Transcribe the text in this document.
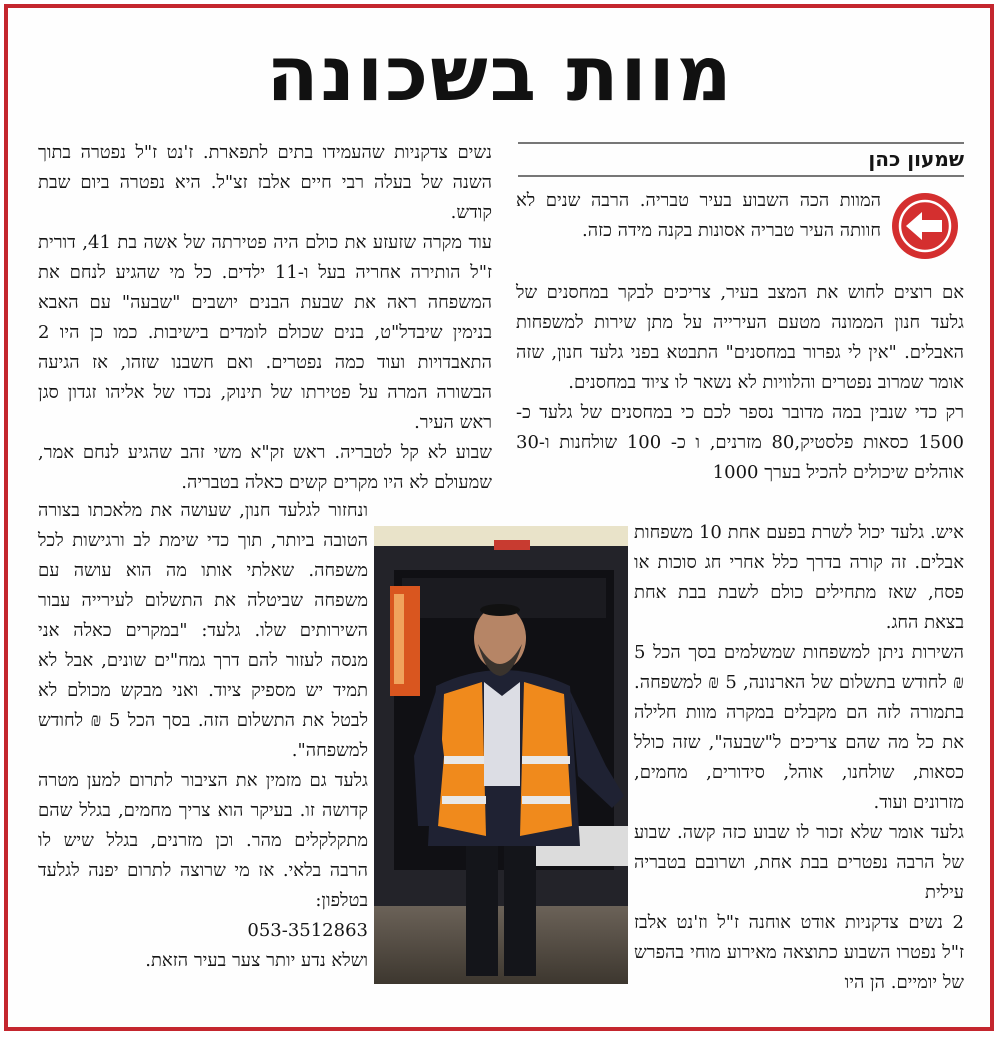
מוות בשכונה
שמעון כהן

המוות הכה השבוע בעיר טבריה. הרבה שנים לא חוותה העיר טבריה אסונות בקנה מידה כזה.

אם רוצים לחוש את המצב בעיר, צריכים לבקר במחסנים של גלעד חנון הממונה מטעם העירייה על מתן שירות למשפחות האבלים. "אין לי גפרור במחסנים" התבטא בפני גלעד חנון, שזה אומר שמרוב נפטרים והלוויות לא נשאר לו ציוד במחסנים.

רק כדי שנבין במה מדובר נספר לכם כי במחסנים של גלעד כ- 1500 כסאות פלסטיק,80 מזרנים, ו כ- 100 שולחנות ו-30 אוהלים שיכולים להכיל בערך 1000

איש. גלעד יכול לשרת בפעם אחת 10 משפחות אבלים. זה קורה בדרך כלל אחרי חג סוכות או פסח, שאז מתחילים כולם לשבת בבת אחת בצאת החג.

השירות ניתן למשפחות שמשלמים בסך הכל 5 ₪ לחודש בתשלום של הארנונה, 5 ₪ למשפחה. בתמורה לזה הם מקבלים במקרה מוות חלילה את כל מה שהם צריכים ל"שבעה", שזה כולל כסאות, שולחנו, אוהל, סידורים, מחמים, מזרונים ועוד.

גלעד אומר שלא זכור לו שבוע כזה קשה. שבוע של הרבה נפטרים בבת אחת, ושרובם בטבריה עילית

2 נשים צדקניות אודט אוחנה ז"ל וז'נט אלבז ז"ל נפטרו השבוע כתוצאה מאירוע מוחי בהפרש של יומיים. הן היו

נשים צדקניות שהעמידו בתים לתפארת. ז'נט ז"ל נפטרה בתוך השנה של בעלה רבי חיים אלבז זצ"ל. היא נפטרה ביום שבת קודש.

עוד מקרה שזעזע את כולם היה פטירתה של אשה בת 41, דורית ז"ל הותירה אחריה בעל ו-11 ילדים. כל מי שהגיע לנחם את המשפחה ראה את שבעת הבנים יושבים "שבעה" עם האבא בנימין שיבדל"ט, בנים שכולם לומדים בישיבות. כמו כן היו 2 התאבדויות ועוד כמה נפטרים. ואם חשבנו שזהו, אז הגיעה הבשורה המרה על פטירתו של תינוק, נכדו של אליהו זגדון סגן ראש העיר.

שבוע לא קל לטבריה. ראש זק"א משי זהב שהגיע לנחם אמר, שמעולם לא היו מקרים קשים כאלה בטבריה.

ונחזור לגלעד חנון, שעושה את מלאכתו בצורה הטובה ביותר, תוך כדי שימת לב ורגישות לכל משפחה. שאלתי אותו מה הוא עושה עם משפחה שביטלה את התשלום לעירייה עבור השירותים שלו. גלעד: "במקרים כאלה אני מנסה לעזור להם דרך גמח"ים שונים, אבל לא תמיד יש מספיק ציוד. ואני מבקש מכולם לא לבטל את התשלום הזה. בסך הכל 5 ₪ לחודש למשפחה".

גלעד גם מזמין את הציבור לתרום למען מטרה קדושה זו. בעיקר הוא צריך מחמים, בגלל שהם מתקלקלים מהר. וכן מזרנים, בגלל שיש לו הרבה בלאי. אז מי שרוצה לתרום יפנה לגלעד בטלפון:

053-3512863

ושלא נדע יותר צער בעיר הזאת.
